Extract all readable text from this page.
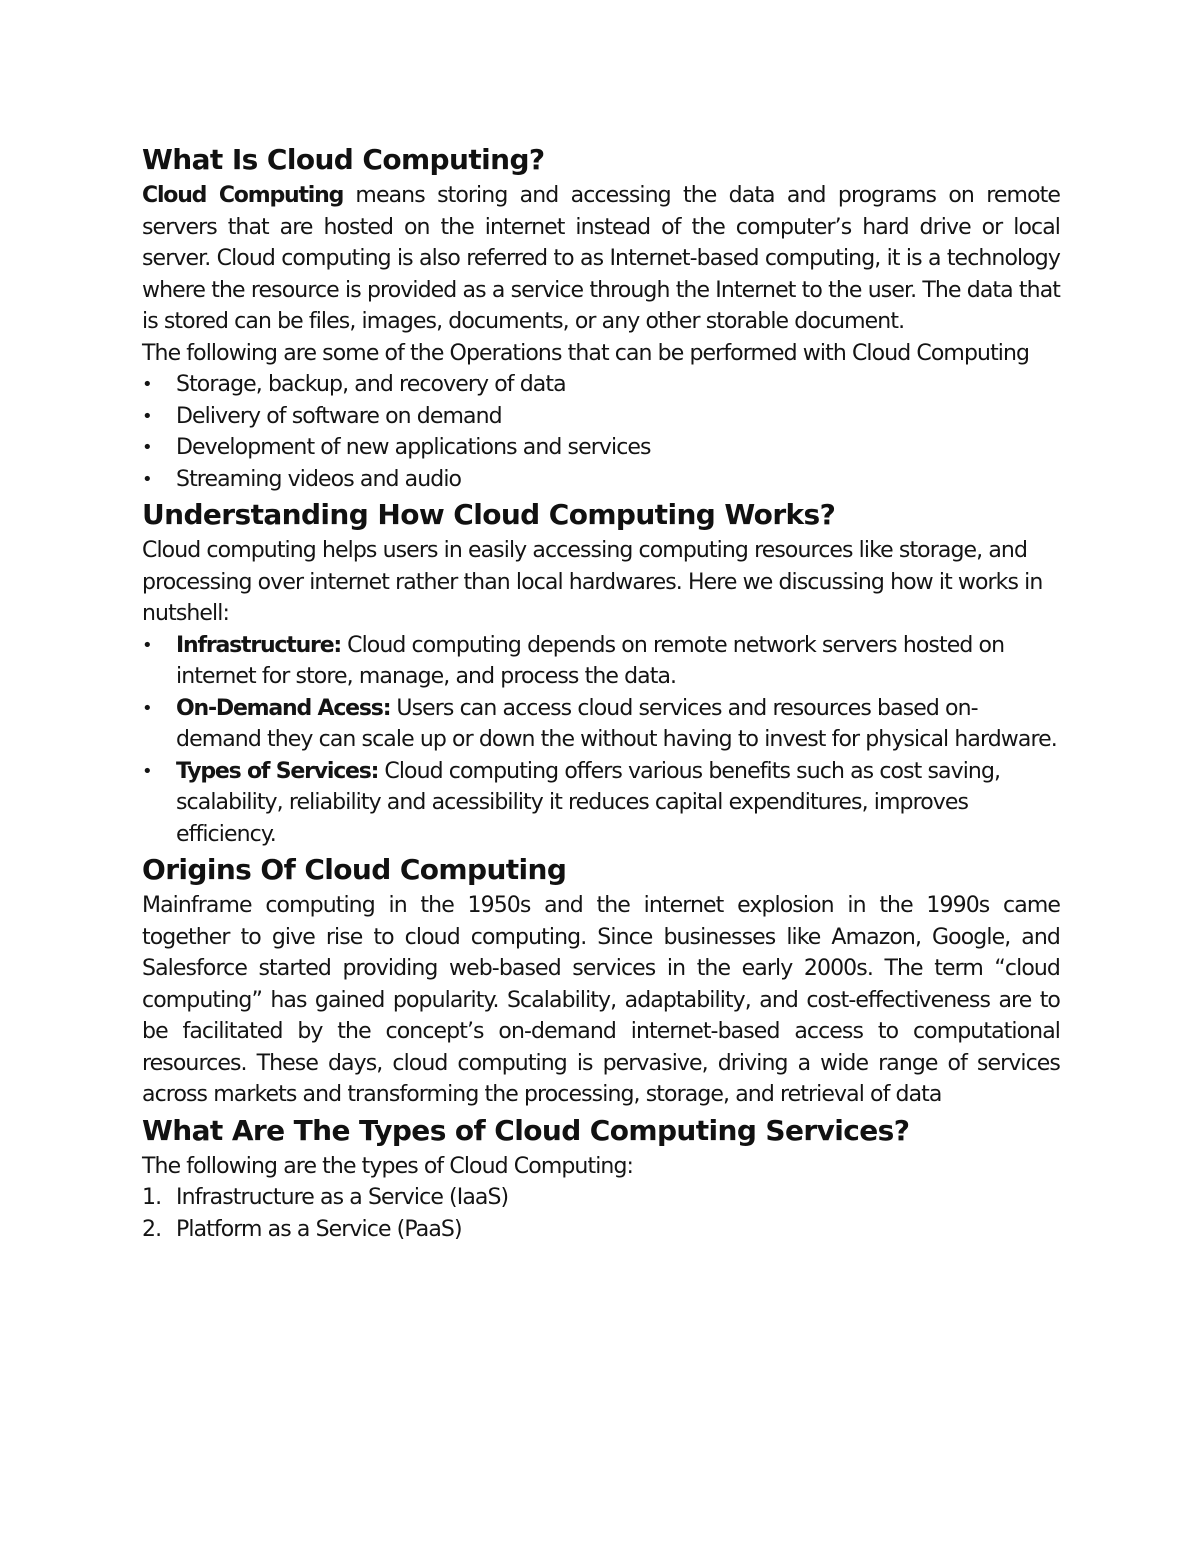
What Is Cloud Computing?

Cloud Computing means storing and accessing the data and programs on remote servers that are hosted on the internet instead of the computer’s hard drive or local server. Cloud computing is also referred to as Internet-based computing, it is a technology where the resource is provided as a service through the Internet to the user. The data that is stored can be files, images, documents, or any other storable document.

The following are some of the Operations that can be performed with Cloud Computing

•	Storage, backup, and recovery of data
•	Delivery of software on demand
•	Development of new applications and services
•	Streaming videos and audio
Understanding How Cloud Computing Works?

Cloud computing helps users in easily accessing computing resources like storage, and processing over internet rather than local hardwares. Here we discussing how it works in nutshell:

•	Infrastructure: Cloud computing depends on remote network servers hosted on internet for store, manage, and process the data.
•	On-Demand Acess: Users can access cloud services and resources based on-demand they can scale up or down the without having to invest for physical hardware.
•	Types of Services: Cloud computing offers various benefits such as cost saving, scalability, reliability and acessibility it reduces capital expenditures, improves efficiency.
Origins Of Cloud Computing

Mainframe computing in the 1950s and the internet explosion in the 1990s came together to give rise to cloud computing. Since businesses like Amazon, Google, and Salesforce started providing web-based services in the early 2000s. The term “cloud computing” has gained popularity. Scalability, adaptability, and cost-effectiveness are to be facilitated by the concept’s on-demand internet-based access to computational resources. These days, cloud computing is pervasive, driving a wide range of services across markets and transforming the processing, storage, and retrieval of data

What Are The Types of Cloud Computing Services?

The following are the types of Cloud Computing:

1. Infrastructure as a Service (IaaS)
2. Platform as a Service (PaaS)
